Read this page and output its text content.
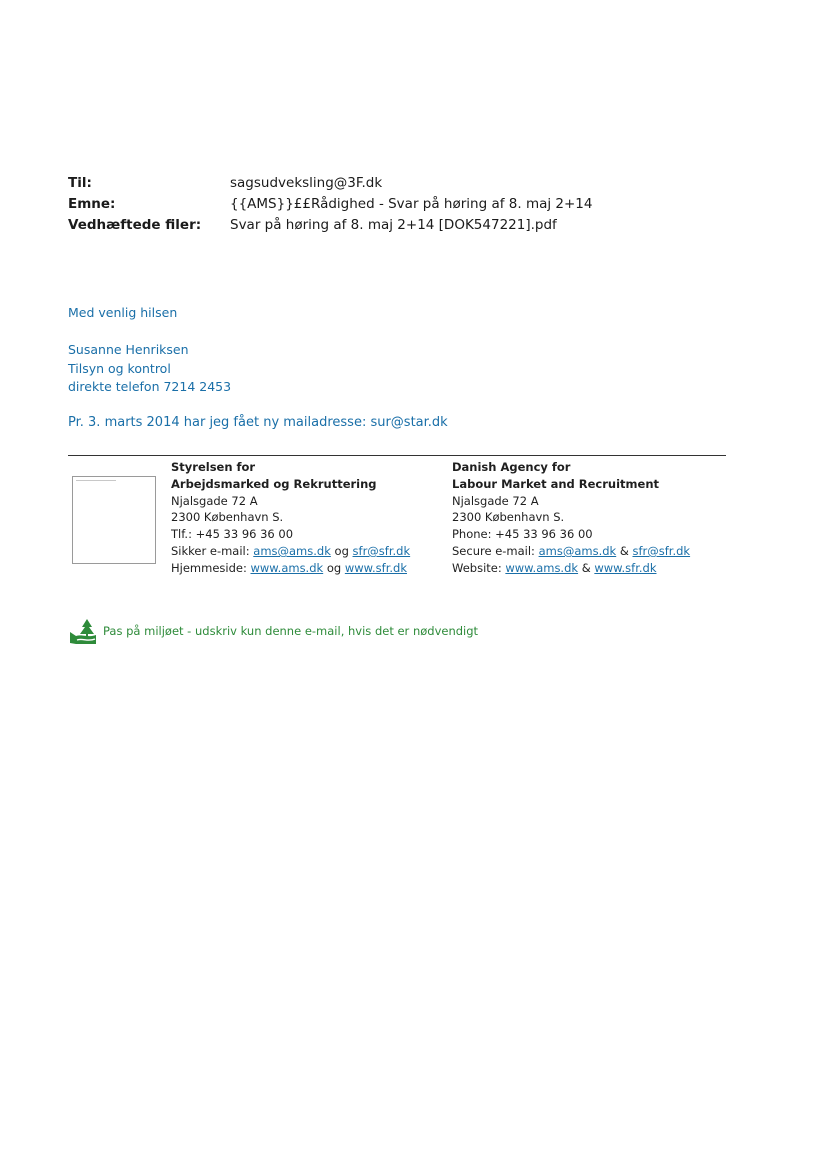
Til:	sagsudveksling@3F.dk
Emne:	{{AMS}}££Rådighed - Svar på høring af 8. maj 2+14
Vedhæftede filer:	Svar på høring af 8. maj 2+14 [DOK547221].pdf
Med venlig hilsen
Susanne Henriksen
Tilsyn og kontrol
direkte telefon 7214 2453
Pr. 3. marts 2014 har jeg fået ny mailadresse: sur@star.dk
Styrelsen for
Arbejdsmarked og Rekruttering
Njalsgade 72 A
2300 København S.
Tlf.: +45 33 96 36 00
Sikker e-mail: ams@ams.dk og sfr@sfr.dk
Hjemmeside: www.ams.dk og www.sfr.dk
Danish Agency for
Labour Market and Recruitment
Njalsgade 72 A
2300 København S.
Phone: +45 33 96 36 00
Secure e-mail: ams@ams.dk & sfr@sfr.dk
Website: www.ams.dk & www.sfr.dk
Pas på miljøet - udskriv kun denne e-mail, hvis det er nødvendigt
